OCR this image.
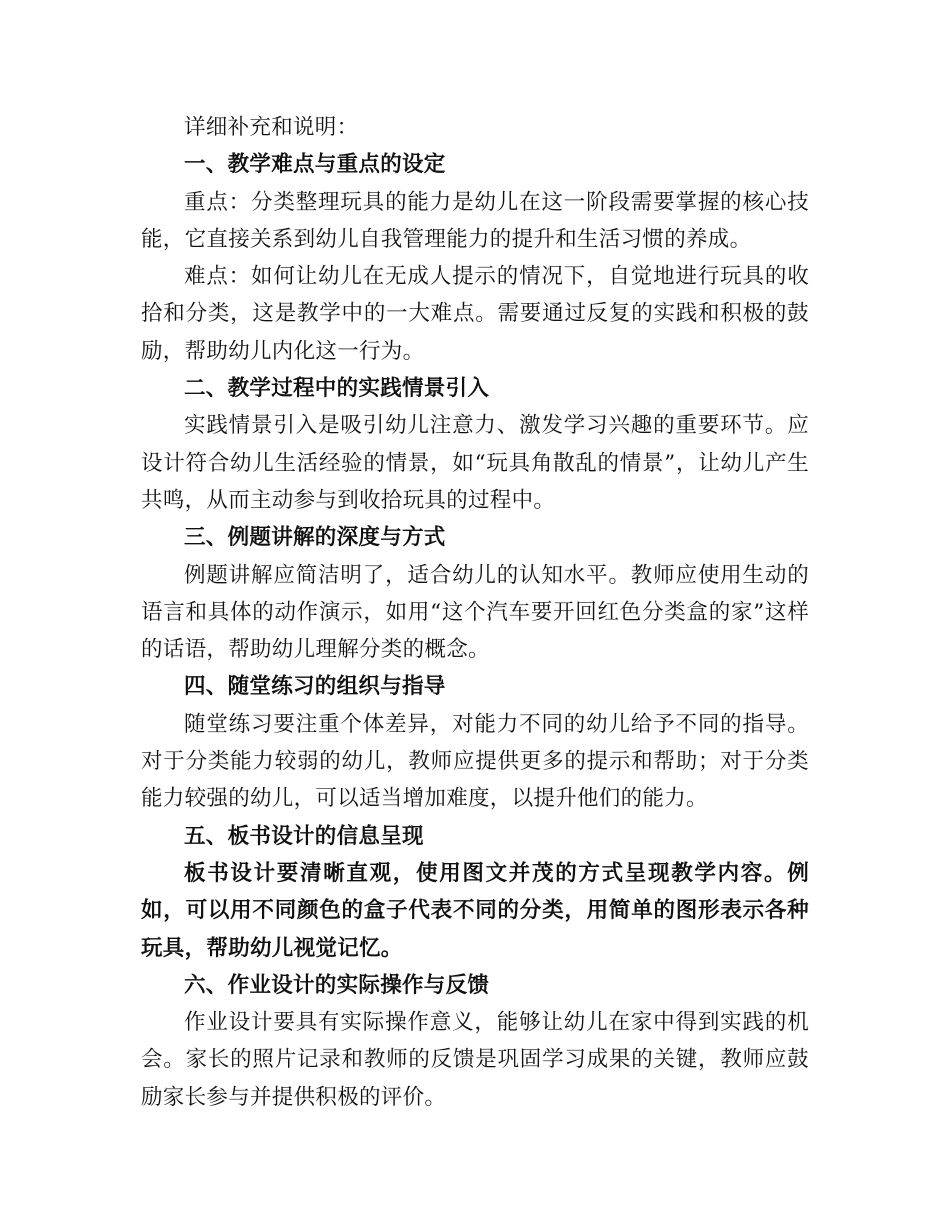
详细补充和说明：

一、教学难点与重点的设定

重点：分类整理玩具的能力是幼儿在这一阶段需要掌握的核心技能，它直接关系到幼儿自我管理能力的提升和生活习惯的养成。

难点：如何让幼儿在无成人提示的情况下，自觉地进行玩具的收拾和分类，这是教学中的一大难点。需要通过反复的实践和积极的鼓励，帮助幼儿内化这一行为。

二、教学过程中的实践情景引入

实践情景引入是吸引幼儿注意力、激发学习兴趣的重要环节。应设计符合幼儿生活经验的情景，如“玩具角散乱的情景”，让幼儿产生共鸣，从而主动参与到收拾玩具的过程中。

三、例题讲解的深度与方式

例题讲解应简洁明了，适合幼儿的认知水平。教师应使用生动的语言和具体的动作演示，如用“这个汽车要开回红色分类盒的家”这样的话语，帮助幼儿理解分类的概念。

四、随堂练习的组织与指导

随堂练习要注重个体差异，对能力不同的幼儿给予不同的指导。对于分类能力较弱的幼儿，教师应提供更多的提示和帮助；对于分类能力较强的幼儿，可以适当增加难度，以提升他们的能力。

五、板书设计的信息呈现

板书设计要清晰直观，使用图文并茂的方式呈现教学内容。例如，可以用不同颜色的盒子代表不同的分类，用简单的图形表示各种玩具，帮助幼儿视觉记忆。

六、作业设计的实际操作与反馈

作业设计要具有实际操作意义，能够让幼儿在家中得到实践的机会。家长的照片记录和教师的反馈是巩固学习成果的关键，教师应鼓励家长参与并提供积极的评价。
